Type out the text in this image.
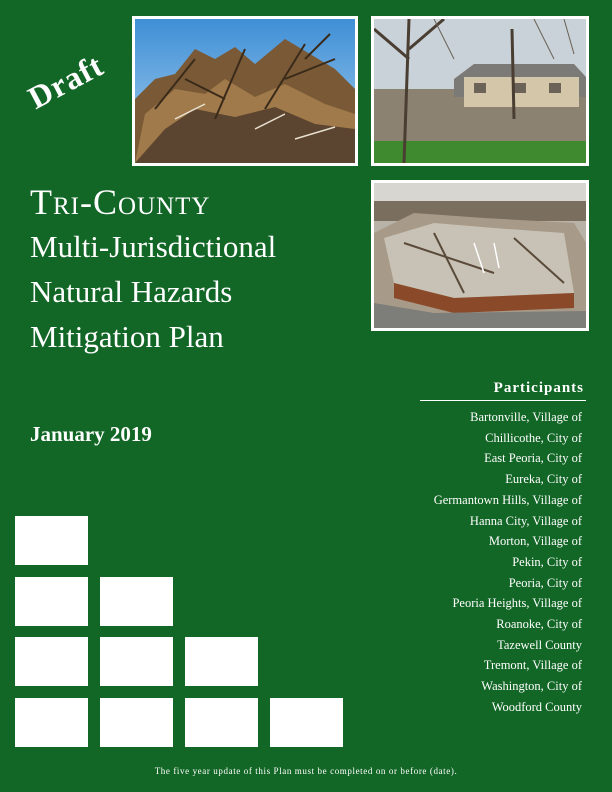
Draft
Tri-County
Multi-Jurisdictional
Natural Hazards
Mitigation Plan
January 2019
Participants
Bartonville, Village of
Chillicothe, City of
East Peoria, City of
Eureka, City of
Germantown Hills, Village of
Hanna City, Village of
Morton, Village of
Pekin, City of
Peoria, City of
Peoria Heights, Village of
Roanoke, City of
Tazewell County
Tremont, Village of
Washington, City of
Woodford County
The five year update of this Plan must be completed on or before (date).
